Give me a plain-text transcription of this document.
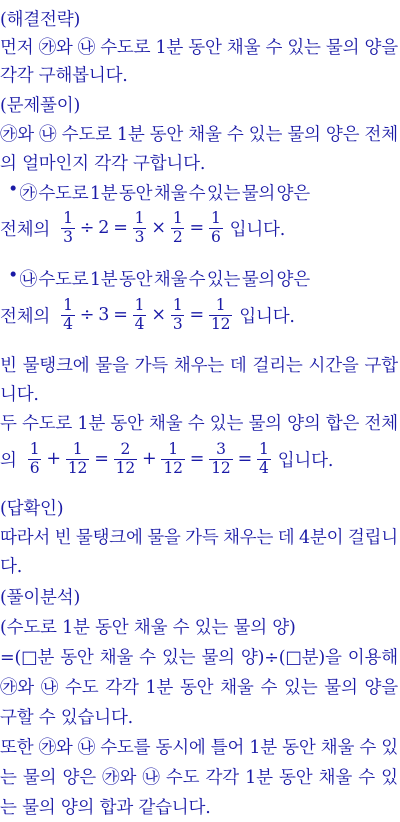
(해결전략)
먼저 ㉮와 ㉯ 수도로 1분 동안 채울 수 있는 물의 양을
각각 구해봅니다.
(문제풀이)
㉮와 ㉯ 수도로 1분 동안 채울 수 있는 물의 양은 전체
의 얼마인지 각각 구합니다.
• ㉮ 수도로 1분 동안 채울 수 있는 물의 양은
전체의 $\frac{1}{3} \div 2 = \frac{1}{3} \times \frac{1}{2} = \frac{1}{6}$ 입니다.
• ㉯ 수도로 1분 동안 채울 수 있는 물의 양은
전체의 $\frac{1}{4} \div 3 = \frac{1}{4} \times \frac{1}{3} = \frac{1}{12}$ 입니다.
빈 물탱크에 물을 가득 채우는 데 걸리는 시간을 구합
니다.
두 수도로 1분 동안 채울 수 있는 물의 양의 합은 전체
의 $\frac{1}{6} + \frac{1}{12} = \frac{2}{12} + \frac{1}{12} = \frac{3}{12} = \frac{1}{4}$ 입니다.
(답확인)
따라서 빈 물탱크에 물을 가득 채우는 데 4분이 걸립니
다.
(풀이분석)
(수도로 1분 동안 채울 수 있는 물의 양)
=(□분 동안 채울 수 있는 물의 양)÷(□분)을 이용해
㉮와 ㉯ 수도 각각 1분 동안 채울 수 있는 물의 양을
구할 수 있습니다.
또한 ㉮와 ㉯ 수도를 동시에 틀어 1분 동안 채울 수 있
는 물의 양은 ㉮와 ㉯ 수도 각각 1분 동안 채울 수 있
는 물의 양의 합과 같습니다.
